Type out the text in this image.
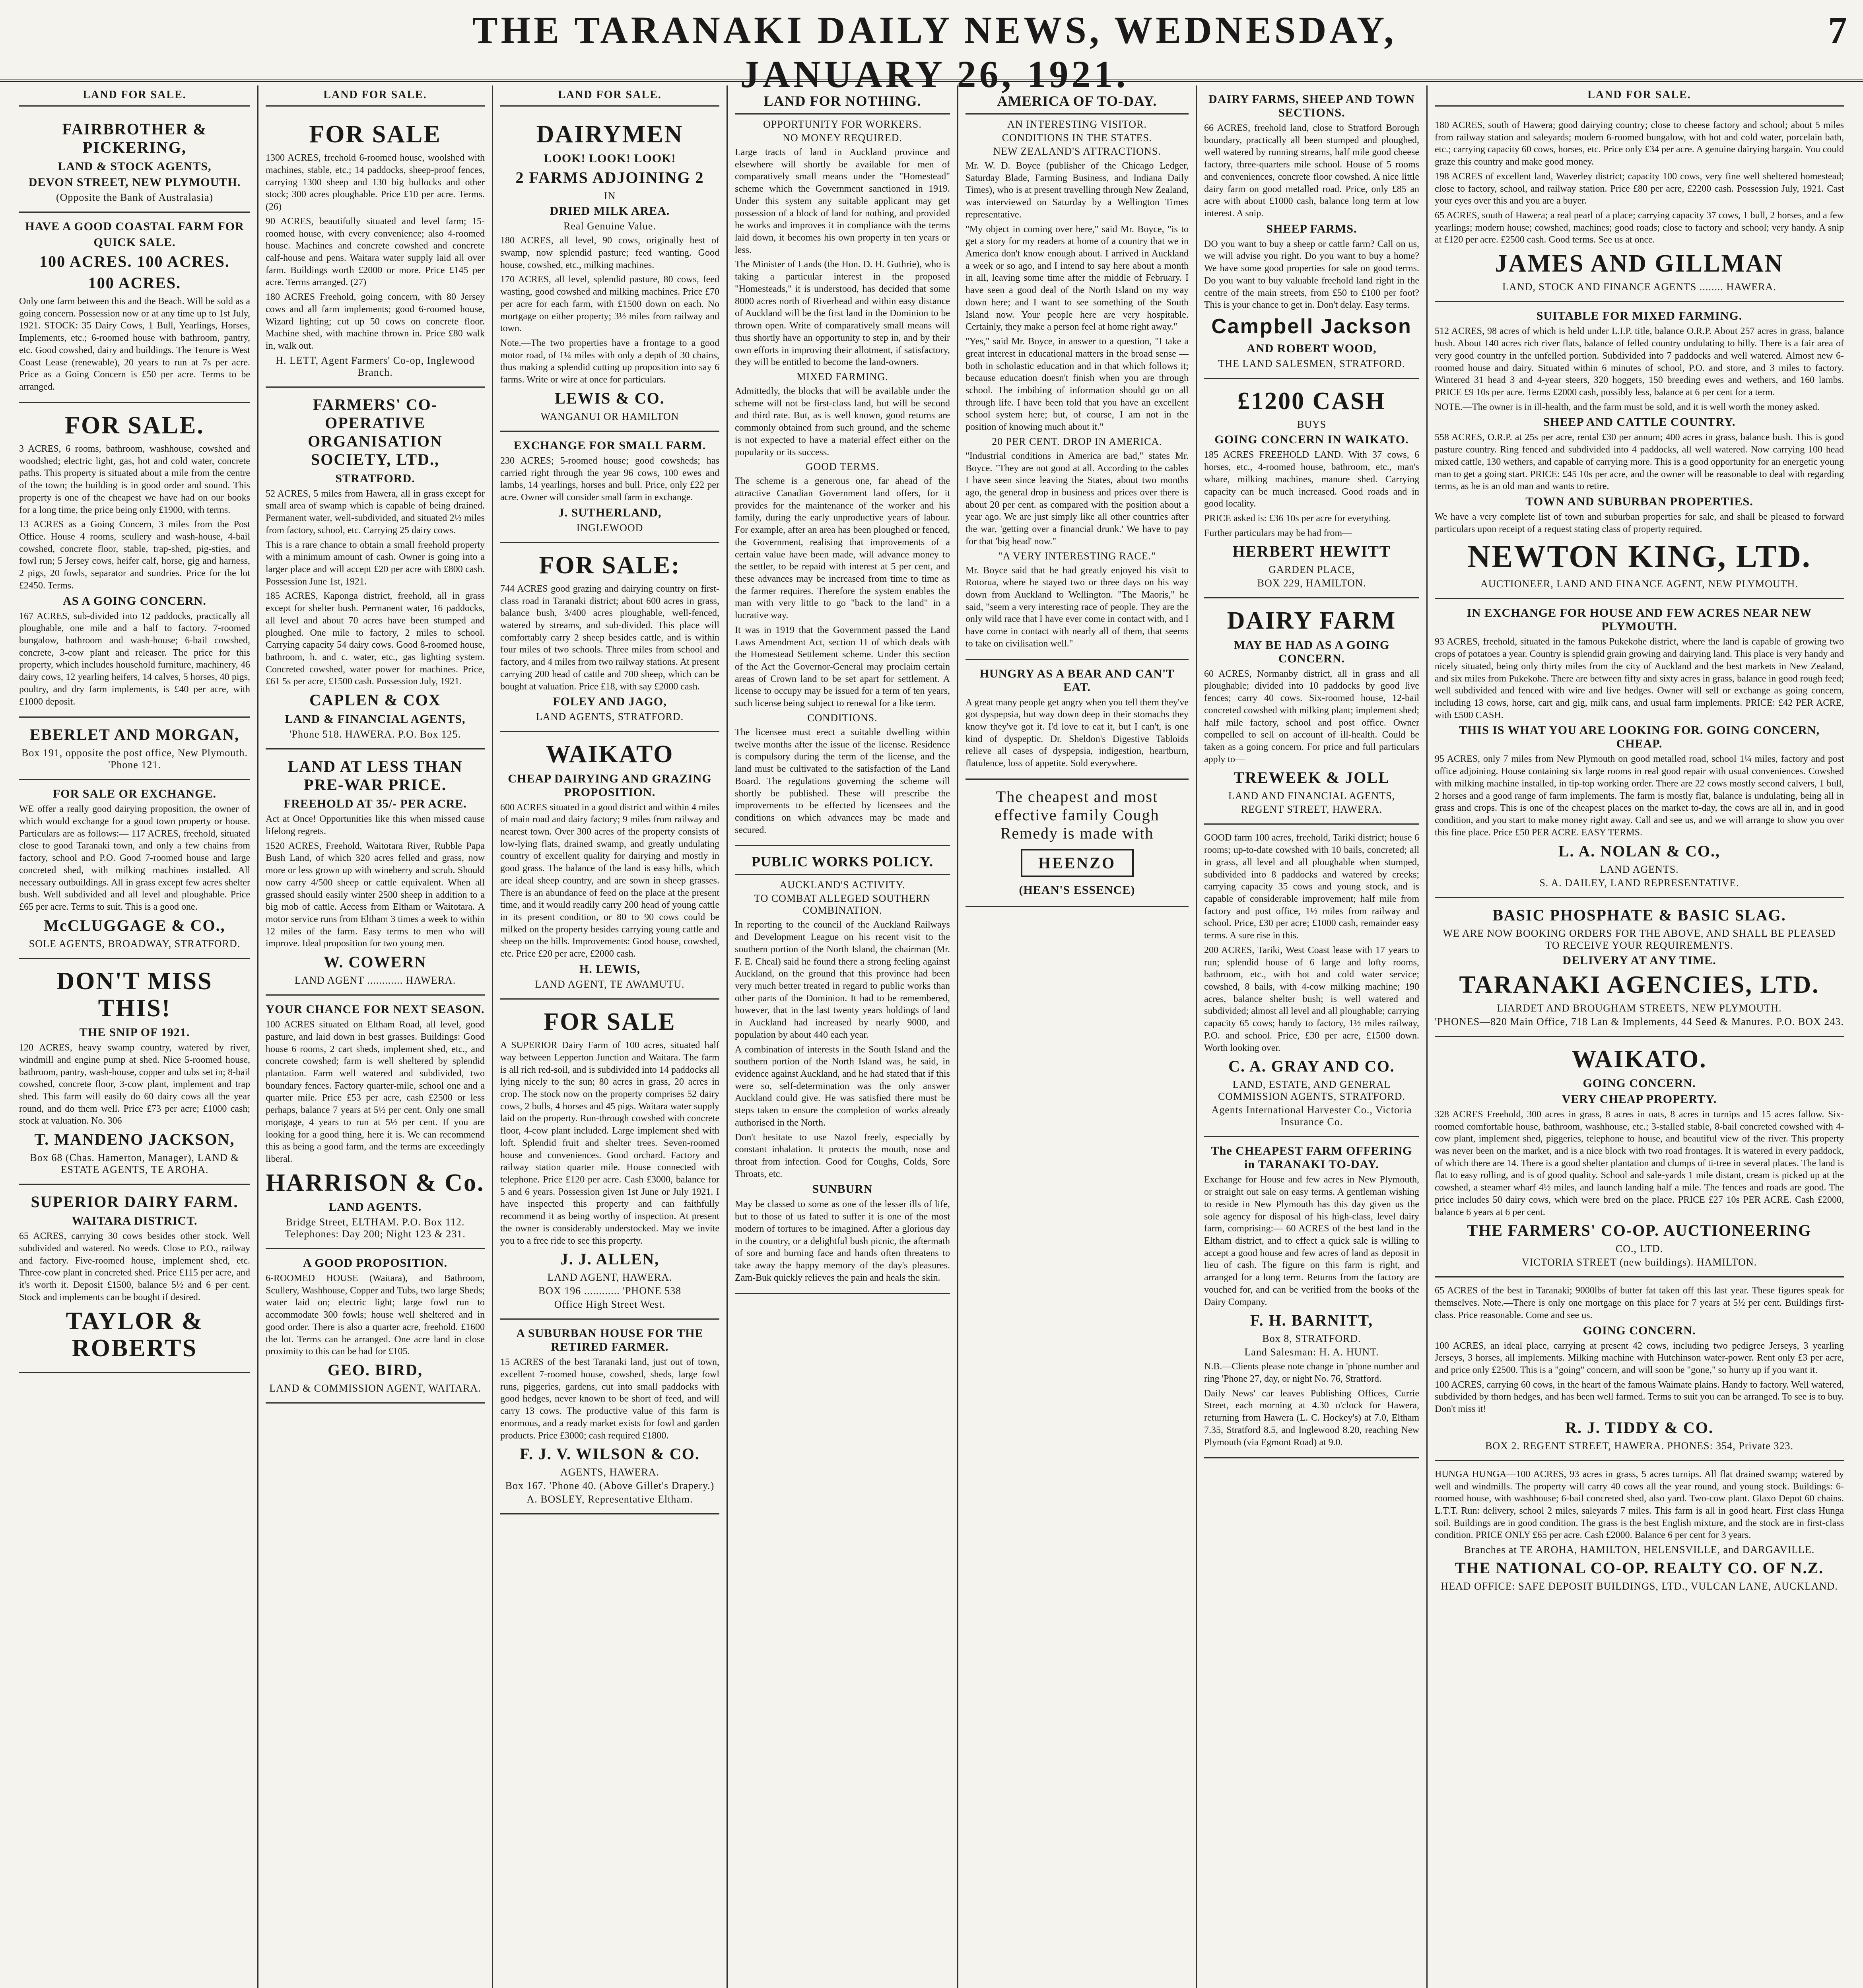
THE TARANAKI DAILY NEWS, WEDNESDAY, JANUARY 26, 1921.
7
LAND FOR SALE.
FAIRBROTHER & PICKERING,
LAND & STOCK AGENTS,
DEVON STREET, NEW PLYMOUTH.
(Opposite the Bank of Australasia)
HAVE A GOOD COASTAL FARM FOR
QUICK SALE.
100 ACRES. 100 ACRES.
100 ACRES.
Only one farm between this and the Beach. Will be sold as a going concern. Possession now or at any time up to 1st July, 1921. STOCK: 35 Dairy Cows, 1 Bull, Yearlings, Horses, Implements, etc.; 6-roomed house with bathroom, pantry, etc. Good cowshed, dairy and buildings. The Tenure is West Coast Lease (renewable), 20 years to run at 7s per acre. Price as a Going Concern is £50 per acre. Terms to be arranged.
FOR SALE.
3 ACRES, 6 rooms, bathroom, washhouse, cowshed and woodshed; electric light, gas, hot and cold water, concrete paths. This property is situated about a mile from the centre of the town; the building is in good order and sound. This property is one of the cheapest we have had on our books for a long time, the price being only £1900, with terms.
13 ACRES as a Going Concern, 3 miles from the Post Office. House 4 rooms, scullery and wash-house, 4-bail cowshed, concrete floor, stable, trap-shed, pig-sties, and fowl run; 5 Jersey cows, heifer calf, horse, gig and harness, 2 pigs, 20 fowls, separator and sundries. Price for the lot £2450. Terms.
AS A GOING CONCERN.
167 ACRES, sub-divided into 12 paddocks, practically all ploughable, one mile and a half to factory. 7-roomed bungalow, bathroom and wash-house; 6-bail cowshed, concrete, 3-cow plant and releaser. The price for this property, which includes household furniture, machinery, 46 dairy cows, 12 yearling heifers, 14 calves, 5 horses, 40 pigs, poultry, and dry farm implements, is £40 per acre, with £1000 deposit.
EBERLET AND MORGAN,
Box 191, opposite the post office, New Plymouth. 'Phone 121.
FOR SALE OR EXCHANGE.
WE offer a really good dairying proposition, the owner of which would exchange for a good town property or house. Particulars are as follows:— 117 ACRES, freehold, situated close to good Taranaki town, and only a few chains from factory, school and P.O. Good 7-roomed house and large concreted shed, with milking machines installed. All necessary outbuildings. All in grass except few acres shelter bush. Well subdivided and all level and ploughable. Price £65 per acre. Terms to suit. This is a good one.
McCLUGGAGE & CO.,
SOLE AGENTS, BROADWAY, STRATFORD.
DON'T MISS THIS!
THE SNIP OF 1921.
120 ACRES, heavy swamp country, watered by river, windmill and engine pump at shed. Nice 5-roomed house, bathroom, pantry, wash-house, copper and tubs set in; 8-bail cowshed, concrete floor, 3-cow plant, implement and trap shed. This farm will easily do 60 dairy cows all the year round, and do them well. Price £73 per acre; £1000 cash; stock at valuation. No. 306
T. MANDENO JACKSON,
Box 68 (Chas. Hamerton, Manager), LAND & ESTATE AGENTS, TE AROHA.
SUPERIOR DAIRY FARM.
WAITARA DISTRICT.
65 ACRES, carrying 30 cows besides other stock. Well subdivided and watered. No weeds. Close to P.O., railway and factory. Five-roomed house, implement shed, etc. Three-cow plant in concreted shed. Price £115 per acre, and it's worth it. Deposit £1500, balance 5½ and 6 per cent. Stock and implements can be bought if desired.
TAYLOR & ROBERTS
LAND FOR SALE.
FOR SALE
1300 ACRES, freehold 6-roomed house, woolshed with machines, stable, etc.; 14 paddocks, sheep-proof fences, carrying 1300 sheep and 130 big bullocks and other stock; 300 acres ploughable. Price £10 per acre. Terms. (26)
90 ACRES, beautifully situated and level farm; 15-roomed house, with every convenience; also 4-roomed house. Machines and concrete cowshed and concrete calf-house and pens. Waitara water supply laid all over farm. Buildings worth £2000 or more. Price £145 per acre. Terms arranged. (27)
180 ACRES Freehold, going concern, with 80 Jersey cows and all farm implements; good 6-roomed house, Wizard lighting; cut up 50 cows on concrete floor. Machine shed, with machine thrown in. Price £80 walk in, walk out.
H. LETT, Agent Farmers' Co-op, Inglewood Branch.
FARMERS' CO-OPERATIVE ORGANISATION SOCIETY, LTD.,
STRATFORD.
52 ACRES, 5 miles from Hawera, all in grass except for small area of swamp which is capable of being drained. Permanent water, well-subdivided, and situated 2½ miles from factory, school, etc. Carrying 25 dairy cows.
This is a rare chance to obtain a small freehold property with a minimum amount of cash. Owner is going into a larger place and will accept £20 per acre with £800 cash. Possession June 1st, 1921.
185 ACRES, Kaponga district, freehold, all in grass except for shelter bush. Permanent water, 16 paddocks, all level and about 70 acres have been stumped and ploughed. One mile to factory, 2 miles to school. Carrying capacity 54 dairy cows. Good 8-roomed house, bathroom, h. and c. water, etc., gas lighting system. Concreted cowshed, water power for machines. Price, £61 5s per acre, £1500 cash. Possession July, 1921.
CAPLEN & COX
LAND & FINANCIAL AGENTS,
'Phone 518. HAWERA. P.O. Box 125.
LAND AT LESS THAN PRE-WAR PRICE.
FREEHOLD AT 35/- PER ACRE.
Act at Once! Opportunities like this when missed cause lifelong regrets.
1520 ACRES, Freehold, Waitotara River, Rubble Papa Bush Land, of which 320 acres felled and grass, now more or less grown up with wineberry and scrub. Should now carry 4/500 sheep or cattle equivalent. When all grassed should easily winter 2500 sheep in addition to a big mob of cattle. Access from Eltham or Waitotara. A motor service runs from Eltham 3 times a week to within 12 miles of the farm. Easy terms to men who will improve. Ideal proposition for two young men.
W. COWERN
LAND AGENT ............ HAWERA.
YOUR CHANCE FOR NEXT SEASON.
100 ACRES situated on Eltham Road, all level, good pasture, and laid down in best grasses. Buildings: Good house 6 rooms, 2 cart sheds, implement shed, etc., and concrete cowshed; farm is well sheltered by splendid plantation. Farm well watered and subdivided, two boundary fences. Factory quarter-mile, school one and a quarter mile. Price £53 per acre, cash £2500 or less perhaps, balance 7 years at 5½ per cent. Only one small mortgage, 4 years to run at 5½ per cent. If you are looking for a good thing, here it is. We can recommend this as being a good farm, and the terms are exceedingly liberal.
HARRISON & Co.
LAND AGENTS.
Bridge Street, ELTHAM. P.O. Box 112. Telephones: Day 200; Night 123 & 231.
A GOOD PROPOSITION.
6-ROOMED HOUSE (Waitara), and Bathroom, Scullery, Washhouse, Copper and Tubs, two large Sheds; water laid on; electric light; large fowl run to accommodate 300 fowls; house well sheltered and in good order. There is also a quarter acre, freehold. £1600 the lot. Terms can be arranged. One acre land in close proximity to this can be had for £105.
GEO. BIRD,
LAND & COMMISSION AGENT, WAITARA.
LAND FOR SALE.
DAIRYMEN
LOOK! LOOK! LOOK!
2 FARMS ADJOINING 2
IN
DRIED MILK AREA.
Real Genuine Value.
180 ACRES, all level, 90 cows, originally best of swamp, now splendid pasture; feed wanting. Good house, cowshed, etc., milking machines.
170 ACRES, all level, splendid pasture, 80 cows, feed wasting, good cowshed and milking machines. Price £70 per acre for each farm, with £1500 down on each. No mortgage on either property; 3½ miles from railway and town.
Note.—The two properties have a frontage to a good motor road, of 1¼ miles with only a depth of 30 chains, thus making a splendid cutting up proposition into say 6 farms. Write or wire at once for particulars.
LEWIS & CO.
WANGANUI OR HAMILTON
EXCHANGE FOR SMALL FARM.
230 ACRES; 5-roomed house; good cowsheds; has carried right through the year 96 cows, 100 ewes and lambs, 14 yearlings, horses and bull. Price, only £22 per acre. Owner will consider small farm in exchange.
J. SUTHERLAND,
INGLEWOOD
FOR SALE:
744 ACRES good grazing and dairying country on first-class road in Taranaki district; about 600 acres in grass, balance bush, 3/400 acres ploughable, well-fenced, watered by streams, and sub-divided. This place will comfortably carry 2 sheep besides cattle, and is within four miles of two schools. Three miles from school and factory, and 4 miles from two railway stations. At present carrying 200 head of cattle and 700 sheep, which can be bought at valuation. Price £18, with say £2000 cash.
FOLEY AND JAGO,
LAND AGENTS, STRATFORD.
WAIKATO
CHEAP DAIRYING AND GRAZING PROPOSITION.
600 ACRES situated in a good district and within 4 miles of main road and dairy factory; 9 miles from railway and nearest town. Over 300 acres of the property consists of low-lying flats, drained swamp, and greatly undulating country of excellent quality for dairying and mostly in good grass. The balance of the land is easy hills, which are ideal sheep country, and are sown in sheep grasses. There is an abundance of feed on the place at the present time, and it would readily carry 200 head of young cattle in its present condition, or 80 to 90 cows could be milked on the property besides carrying young cattle and sheep on the hills. Improvements: Good house, cowshed, etc. Price £20 per acre, £2000 cash.
H. LEWIS,
LAND AGENT, TE AWAMUTU.
FOR SALE
A SUPERIOR Dairy Farm of 100 acres, situated half way between Lepperton Junction and Waitara. The farm is all rich red-soil, and is subdivided into 14 paddocks all lying nicely to the sun; 80 acres in grass, 20 acres in crop. The stock now on the property comprises 52 dairy cows, 2 bulls, 4 horses and 45 pigs. Waitara water supply laid on the property. Run-through cowshed with concrete floor, 4-cow plant included. Large implement shed with loft. Splendid fruit and shelter trees. Seven-roomed house and conveniences. Good orchard. Factory and railway station quarter mile. House connected with telephone. Price £120 per acre. Cash £3000, balance for 5 and 6 years. Possession given 1st June or July 1921. I have inspected this property and can faithfully recommend it as being worthy of inspection. At present the owner is considerably understocked. May we invite you to a free ride to see this property.
J. J. ALLEN,
LAND AGENT, HAWERA.
BOX 196 ............ 'PHONE 538
Office High Street West.
A SUBURBAN HOUSE FOR THE RETIRED FARMER.
15 ACRES of the best Taranaki land, just out of town, excellent 7-roomed house, cowshed, sheds, large fowl runs, piggeries, gardens, cut into small paddocks with good hedges, never known to be short of feed, and will carry 13 cows. The productive value of this farm is enormous, and a ready market exists for fowl and garden products. Price £3000; cash required £1800.
F. J. V. WILSON & CO.
AGENTS, HAWERA.
Box 167. 'Phone 40. (Above Gillet's Drapery.)
A. BOSLEY, Representative Eltham.
LAND FOR NOTHING.
OPPORTUNITY FOR WORKERS.
NO MONEY REQUIRED.
Large tracts of land in Auckland province and elsewhere will shortly be available for men of comparatively small means under the "Homestead" scheme which the Government sanctioned in 1919. Under this system any suitable applicant may get possession of a block of land for nothing, and provided he works and improves it in compliance with the terms laid down, it becomes his own property in ten years or less.
The Minister of Lands (the Hon. D. H. Guthrie), who is taking a particular interest in the proposed "Homesteads," it is understood, has decided that some 8000 acres north of Riverhead and within easy distance of Auckland will be the first land in the Dominion to be thrown open. Write of comparatively small means will thus shortly have an opportunity to step in, and by their own efforts in improving their allotment, if satisfactory, they will be entitled to become the land-owners.
MIXED FARMING.
Admittedly, the blocks that will be available under the scheme will not be first-class land, but will be second and third rate. But, as is well known, good returns are commonly obtained from such ground, and the scheme is not expected to have a material effect either on the popularity or its success.
GOOD TERMS.
The scheme is a generous one, far ahead of the attractive Canadian Government land offers, for it provides for the maintenance of the worker and his family, during the early unproductive years of labour. For example, after an area has been ploughed or fenced, the Government, realising that improvements of a certain value have been made, will advance money to the settler, to be repaid with interest at 5 per cent, and these advances may be increased from time to time as the farmer requires. Therefore the system enables the man with very little to go "back to the land" in a lucrative way.
It was in 1919 that the Government passed the Land Laws Amendment Act, section 11 of which deals with the Homestead Settlement scheme. Under this section of the Act the Governor-General may proclaim certain areas of Crown land to be set apart for settlement. A license to occupy may be issued for a term of ten years, such license being subject to renewal for a like term.
CONDITIONS.
The licensee must erect a suitable dwelling within twelve months after the issue of the license. Residence is compulsory during the term of the license, and the land must be cultivated to the satisfaction of the Land Board. The regulations governing the scheme will shortly be published. These will prescribe the improvements to be effected by licensees and the conditions on which advances may be made and secured.
PUBLIC WORKS POLICY.
AUCKLAND'S ACTIVITY.
TO COMBAT ALLEGED SOUTHERN COMBINATION.
In reporting to the council of the Auckland Railways and Development League on his recent visit to the southern portion of the North Island, the chairman (Mr. F. E. Cheal) said he found there a strong feeling against Auckland, on the ground that this province had been very much better treated in regard to public works than other parts of the Dominion. It had to be remembered, however, that in the last twenty years holdings of land in Auckland had increased by nearly 9000, and population by about 440 each year.
A combination of interests in the South Island and the southern portion of the North Island was, he said, in evidence against Auckland, and he had stated that if this were so, self-determination was the only answer Auckland could give. He was satisfied there must be steps taken to ensure the completion of works already authorised in the North.
Don't hesitate to use Nazol freely, especially by constant inhalation. It protects the mouth, nose and throat from infection. Good for Coughs, Colds, Sore Throats, etc.
SUNBURN
May be classed to some as one of the lesser ills of life, but to those of us fated to suffer it is one of the most modern of tortures to be imagined. After a glorious day in the country, or a delightful bush picnic, the aftermath of sore and burning face and hands often threatens to take away the happy memory of the day's pleasures. Zam-Buk quickly relieves the pain and heals the skin.
AMERICA OF TO-DAY.
AN INTERESTING VISITOR.
CONDITIONS IN THE STATES.
NEW ZEALAND'S ATTRACTIONS.
Mr. W. D. Boyce (publisher of the Chicago Ledger, Saturday Blade, Farming Business, and Indiana Daily Times), who is at present travelling through New Zealand, was interviewed on Saturday by a Wellington Times representative.
"My object in coming over here," said Mr. Boyce, "is to get a story for my readers at home of a country that we in America don't know enough about. I arrived in Auckland a week or so ago, and I intend to say here about a month in all, leaving some time after the middle of February. I have seen a good deal of the North Island on my way down here; and I want to see something of the South Island now. Your people here are very hospitable. Certainly, they make a person feel at home right away."
"Yes," said Mr. Boyce, in answer to a question, "I take a great interest in educational matters in the broad sense — both in scholastic education and in that which follows it; because education doesn't finish when you are through school. The imbibing of information should go on all through life. I have been told that you have an excellent school system here; but, of course, I am not in the position of knowing much about it."
20 PER CENT. DROP IN AMERICA.
"Industrial conditions in America are bad," states Mr. Boyce. "They are not good at all. According to the cables I have seen since leaving the States, about two months ago, the general drop in business and prices over there is about 20 per cent. as compared with the position about a year ago. We are just simply like all other countries after the war, 'getting over a financial drunk.' We have to pay for that 'big head' now."
"A VERY INTERESTING RACE."
Mr. Boyce said that he had greatly enjoyed his visit to Rotorua, where he stayed two or three days on his way down from Auckland to Wellington. "The Maoris," he said, "seem a very interesting race of people. They are the only wild race that I have ever come in contact with, and I have come in contact with nearly all of them, that seems to take on civilisation well."
HUNGRY AS A BEAR AND CAN'T EAT.
A great many people get angry when you tell them they've got dyspepsia, but way down deep in their stomachs they know they've got it. I'd love to eat it, but I can't, is one kind of dyspeptic. Dr. Sheldon's Digestive Tabloids relieve all cases of dyspepsia, indigestion, heartburn, flatulence, loss of appetite. Sold everywhere.
The cheapest and most effective family Cough Remedy is made with
HEENZO
(HEAN'S ESSENCE)
DAIRY FARMS, SHEEP AND TOWN SECTIONS.
66 ACRES, freehold land, close to Stratford Borough boundary, practically all been stumped and ploughed, well watered by running streams, half mile good cheese factory, three-quarters mile school. House of 5 rooms and conveniences, concrete floor cowshed. A nice little dairy farm on good metalled road. Price, only £85 an acre with about £1000 cash, balance long term at low interest. A snip.
SHEEP FARMS.
DO you want to buy a sheep or cattle farm? Call on us, we will advise you right. Do you want to buy a home? We have some good properties for sale on good terms. Do you want to buy valuable freehold land right in the centre of the main streets, from £50 to £100 per foot? This is your chance to get in. Don't delay. Easy terms.
Campbell Jackson
AND ROBERT WOOD,
THE LAND SALESMEN, STRATFORD.
£1200 CASH
BUYS
GOING CONCERN IN WAIKATO.
185 ACRES FREEHOLD LAND. With 37 cows, 6 horses, etc., 4-roomed house, bathroom, etc., man's whare, milking machines, manure shed. Carrying capacity can be much increased. Good roads and in good locality.
PRICE asked is: £36 10s per acre for everything.
Further particulars may be had from—
HERBERT HEWITT
GARDEN PLACE,
BOX 229, HAMILTON.
DAIRY FARM
MAY BE HAD AS A GOING CONCERN.
60 ACRES, Normanby district, all in grass and all ploughable; divided into 10 paddocks by good live fences; carry 40 cows. Six-roomed house, 12-bail concreted cowshed with milking plant; implement shed; half mile factory, school and post office. Owner compelled to sell on account of ill-health. Could be taken as a going concern. For price and full particulars apply to—
TREWEEK & JOLL
LAND AND FINANCIAL AGENTS,
REGENT STREET, HAWERA.
GOOD farm 100 acres, freehold, Tariki district; house 6 rooms; up-to-date cowshed with 10 bails, concreted; all in grass, all level and all ploughable when stumped, subdivided into 8 paddocks and watered by creeks; carrying capacity 35 cows and young stock, and is capable of considerable improvement; half mile from factory and post office, 1½ miles from railway and school. Price, £30 per acre; £1000 cash, remainder easy terms. A sure rise in this.
200 ACRES, Tariki, West Coast lease with 17 years to run; splendid house of 6 large and lofty rooms, bathroom, etc., with hot and cold water service; cowshed, 8 bails, with 4-cow milking machine; 190 acres, balance shelter bush; is well watered and subdivided; almost all level and all ploughable; carrying capacity 65 cows; handy to factory, 1½ miles railway, P.O. and school. Price, £30 per acre, £1500 down. Worth looking over.
C. A. GRAY AND CO.
LAND, ESTATE, AND GENERAL COMMISSION AGENTS, STRATFORD.
Agents International Harvester Co., Victoria Insurance Co.
The CHEAPEST FARM OFFERING in TARANAKI TO-DAY.
Exchange for House and few acres in New Plymouth, or straight out sale on easy terms. A gentleman wishing to reside in New Plymouth has this day given us the sole agency for disposal of his high-class, level dairy farm, comprising:— 60 ACRES of the best land in the Eltham district, and to effect a quick sale is willing to accept a good house and few acres of land as deposit in lieu of cash. The figure on this farm is right, and arranged for a long term. Returns from the factory are vouched for, and can be verified from the books of the Dairy Company.
F. H. BARNITT,
Box 8, STRATFORD.
Land Salesman: H. A. HUNT.
N.B.—Clients please note change in 'phone number and ring 'Phone 27, day, or night No. 76, Stratford.
Daily News' car leaves Publishing Offices, Currie Street, each morning at 4.30 o'clock for Hawera, returning from Hawera (L. C. Hockey's) at 7.0, Eltham 7.35, Stratford 8.5, and Inglewood 8.20, reaching New Plymouth (via Egmont Road) at 9.0.
LAND FOR SALE.
180 ACRES, south of Hawera; good dairying country; close to cheese factory and school; about 5 miles from railway station and saleyards; modern 6-roomed bungalow, with hot and cold water, porcelain bath, etc.; carrying capacity 60 cows, horses, etc. Price only £34 per acre. A genuine dairying bargain. You could graze this country and make good money.
198 ACRES of excellent land, Waverley district; capacity 100 cows, very fine well sheltered homestead; close to factory, school, and railway station. Price £80 per acre, £2200 cash. Possession July, 1921. Cast your eyes over this and you are a buyer.
65 ACRES, south of Hawera; a real pearl of a place; carrying capacity 37 cows, 1 bull, 2 horses, and a few yearlings; modern house; cowshed, machines; good roads; close to factory and school; very handy. A snip at £120 per acre. £2500 cash. Good terms. See us at once.
JAMES AND GILLMAN
LAND, STOCK AND FINANCE AGENTS ........ HAWERA.
SUITABLE FOR MIXED FARMING.
512 ACRES, 98 acres of which is held under L.I.P. title, balance O.R.P. About 257 acres in grass, balance bush. About 140 acres rich river flats, balance of felled country undulating to hilly. There is a fair area of very good country in the unfelled portion. Subdivided into 7 paddocks and well watered. Almost new 6-roomed house and dairy. Situated within 6 minutes of school, P.O. and store, and 3 miles to factory. Wintered 31 head 3 and 4-year steers, 320 hoggets, 150 breeding ewes and wethers, and 160 lambs. PRICE £9 10s per acre. Terms £2000 cash, possibly less, balance at 6 per cent for a term.
NOTE.—The owner is in ill-health, and the farm must be sold, and it is well worth the money asked.
SHEEP AND CATTLE COUNTRY.
558 ACRES, O.R.P. at 25s per acre, rental £30 per annum; 400 acres in grass, balance bush. This is good pasture country. Ring fenced and subdivided into 4 paddocks, all well watered. Now carrying 100 head mixed cattle, 130 wethers, and capable of carrying more. This is a good opportunity for an energetic young man to get a going start. PRICE: £45 10s per acre, and the owner will be reasonable to deal with regarding terms, as he is an old man and wants to retire.
TOWN AND SUBURBAN PROPERTIES.
We have a very complete list of town and suburban properties for sale, and shall be pleased to forward particulars upon receipt of a request stating class of property required.
NEWTON KING, LTD.
AUCTIONEER, LAND AND FINANCE AGENT, NEW PLYMOUTH.
IN EXCHANGE FOR HOUSE AND FEW ACRES NEAR NEW PLYMOUTH.
93 ACRES, freehold, situated in the famous Pukekohe district, where the land is capable of growing two crops of potatoes a year. Country is splendid grain growing and dairying land. This place is very handy and nicely situated, being only thirty miles from the city of Auckland and the best markets in New Zealand, and six miles from Pukekohe. There are between fifty and sixty acres in grass, balance in good rough feed; well subdivided and fenced with wire and live hedges. Owner will sell or exchange as going concern, including 13 cows, horse, cart and gig, milk cans, and usual farm implements. PRICE: £42 PER ACRE, with £500 CASH.
THIS IS WHAT YOU ARE LOOKING FOR. GOING CONCERN, CHEAP.
95 ACRES, only 7 miles from New Plymouth on good metalled road, school 1¼ miles, factory and post office adjoining. House containing six large rooms in real good repair with usual conveniences. Cowshed with milking machine installed, in tip-top working order. There are 22 cows mostly second calvers, 1 bull, 2 horses and a good range of farm implements. The farm is mostly flat, balance is undulating, being all in grass and crops. This is one of the cheapest places on the market to-day, the cows are all in, and in good condition, and you start to make money right away. Call and see us, and we will arrange to show you over this fine place. Price £50 PER ACRE. EASY TERMS.
L. A. NOLAN & CO.,
LAND AGENTS.
S. A. DAILEY, LAND REPRESENTATIVE.
BASIC PHOSPHATE & BASIC SLAG.
WE ARE NOW BOOKING ORDERS FOR THE ABOVE, AND SHALL BE PLEASED TO RECEIVE YOUR REQUIREMENTS.
DELIVERY AT ANY TIME.
TARANAKI AGENCIES, LTD.
LIARDET AND BROUGHAM STREETS, NEW PLYMOUTH.
'PHONES—820 Main Office, 718 Lan & Implements, 44 Seed & Manures. P.O. BOX 243.
WAIKATO.
GOING CONCERN.
VERY CHEAP PROPERTY.
328 ACRES Freehold, 300 acres in grass, 8 acres in oats, 8 acres in turnips and 15 acres fallow. Six-roomed comfortable house, bathroom, washhouse, etc.; 3-stalled stable, 8-bail concreted cowshed with 4-cow plant, implement shed, piggeries, telephone to house, and beautiful view of the river. This property was never been on the market, and is a nice block with two road frontages. It is watered in every paddock, of which there are 14. There is a good shelter plantation and clumps of ti-tree in several places. The land is flat to easy rolling, and is of good quality. School and sale-yards 1 mile distant, cream is picked up at the cowshed, a steamer wharf 4½ miles, and launch landing half a mile. The fences and roads are good. The price includes 50 dairy cows, which were bred on the place. PRICE £27 10s PER ACRE. Cash £2000, balance 6 years at 6 per cent.
THE FARMERS' CO-OP. AUCTIONEERING
CO., LTD.
VICTORIA STREET (new buildings). HAMILTON.
65 ACRES of the best in Taranaki; 9000lbs of butter fat taken off this last year. These figures speak for themselves. Note.—There is only one mortgage on this place for 7 years at 5½ per cent. Buildings first-class. Price reasonable. Come and see us.
GOING CONCERN.
100 ACRES, an ideal place, carrying at present 42 cows, including two pedigree Jerseys, 3 yearling Jerseys, 3 horses, all implements. Milking machine with Hutchinson water-power. Rent only £3 per acre, and price only £2500. This is a "going" concern, and will soon be "gone," so hurry up if you want it.
100 ACRES, carrying 60 cows, in the heart of the famous Waimate plains. Handy to factory. Well watered, subdivided by thorn hedges, and has been well farmed. Terms to suit you can be arranged. To see is to buy. Don't miss it!
R. J. TIDDY & CO.
BOX 2. REGENT STREET, HAWERA. PHONES: 354, Private 323.
HUNGA HUNGA—100 ACRES, 93 acres in grass, 5 acres turnips. All flat drained swamp; watered by well and windmills. The property will carry 40 cows all the year round, and young stock. Buildings: 6-roomed house, with washhouse; 6-bail concreted shed, also yard. Two-cow plant. Glaxo Depot 60 chains. L.T.T. Run: delivery, school 2 miles, saleyards 7 miles. This farm is all in good heart. First class Hunga soil. Buildings are in good condition. The grass is the best English mixture, and the stock are in first-class condition. PRICE ONLY £65 per acre. Cash £2000. Balance 6 per cent for 3 years.
Branches at TE AROHA, HAMILTON, HELENSVILLE, and DARGAVILLE.
THE NATIONAL CO-OP. REALTY CO. OF N.Z.
HEAD OFFICE: SAFE DEPOSIT BUILDINGS, LTD., VULCAN LANE, AUCKLAND.
